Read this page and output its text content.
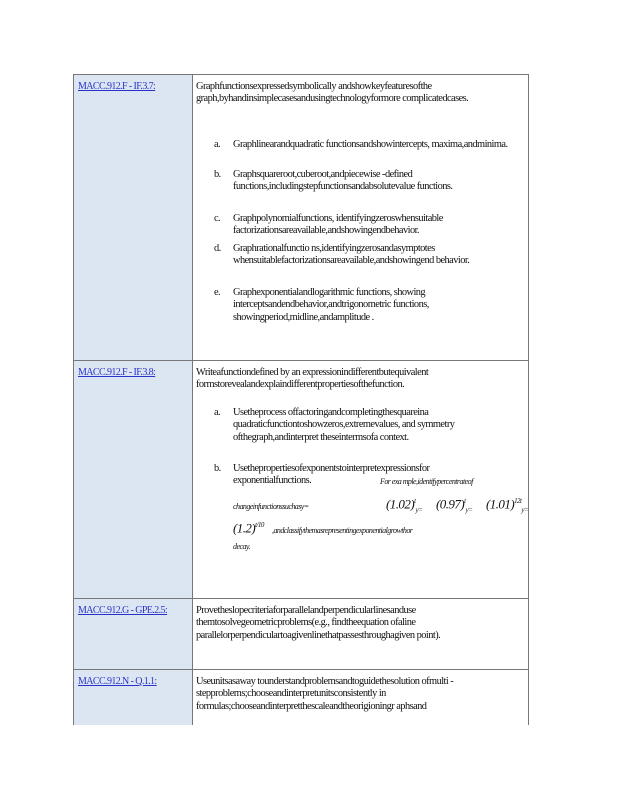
MACC.912.F - IF.3.7:	Graphfunctionsexpressedsymbolically andshowkeyfeaturesofthe graph,byhandinsimplecasesandusingtechnologyformore complicatedcases.
a.	Graphlinearandquadratic functionsandshowintercepts, maxima,andminima.
b.	Graphsquareroot,cuberoot,andpiecewise -defined functions,includingstepfunctionsandabsolutevalue functions.
c.	Graphpolynomialfunctions, identifyingzeroswhensuitable factorizationsareavailable,andshowingendbehavior.
d.	Graphrationalfunctio ns,identifyingzerosandasymptotes whensuitablefactorizationsareavailable,andshowingend behavior.
e.	Graphexponentialandlogarithmic functions, showing interceptsandendbehavior,andtrigonometric functions, showingperiod,midline,andamplitude .
MACC.912.F - IF.3.8:	Writeafunctiondefined by an expressionindifferentbutequivalent formstorevealandexplaindifferentpropertiesofthefunction.
a.	Usetheprocess offactoringandcompletingthesquareina quadraticfunctiontoshowzeros,extremevalues, and symmetry ofthegraph,andinterpret theseintermsofa context.
b.	Usethepropertiesofexponentstointerpretexpressionsfor exponentialfunctions.	For exa mple,identifypercentrateof
changeinfunctionssuchasy=	$(1.02)^t_{y=}$ $(0.97)^t_{y=}$ $(1.01)^{12t}_{y=}$
$(1.2)^{t/10}$
,andclassifythemasrepresentingexponentialgrowthor
decay.
MACC.912.G - GPE.2.5:	Provetheslopecriteriaforparallelandperpendicularlinesanduse themtosolvegeometricproblems(e.g., findtheequation ofaline parallelorperpendiculartoagivenlinethatpassesthroughagiven point).
MACC.912.N - Q.1.1:	Useunitsasaway tounderstandproblemsandtoguidethesolution ofmulti - stepproblems;chooseandinterpretunitsconsistently in formulas;chooseandinterpretthescaleandtheorigioningr aphsand
